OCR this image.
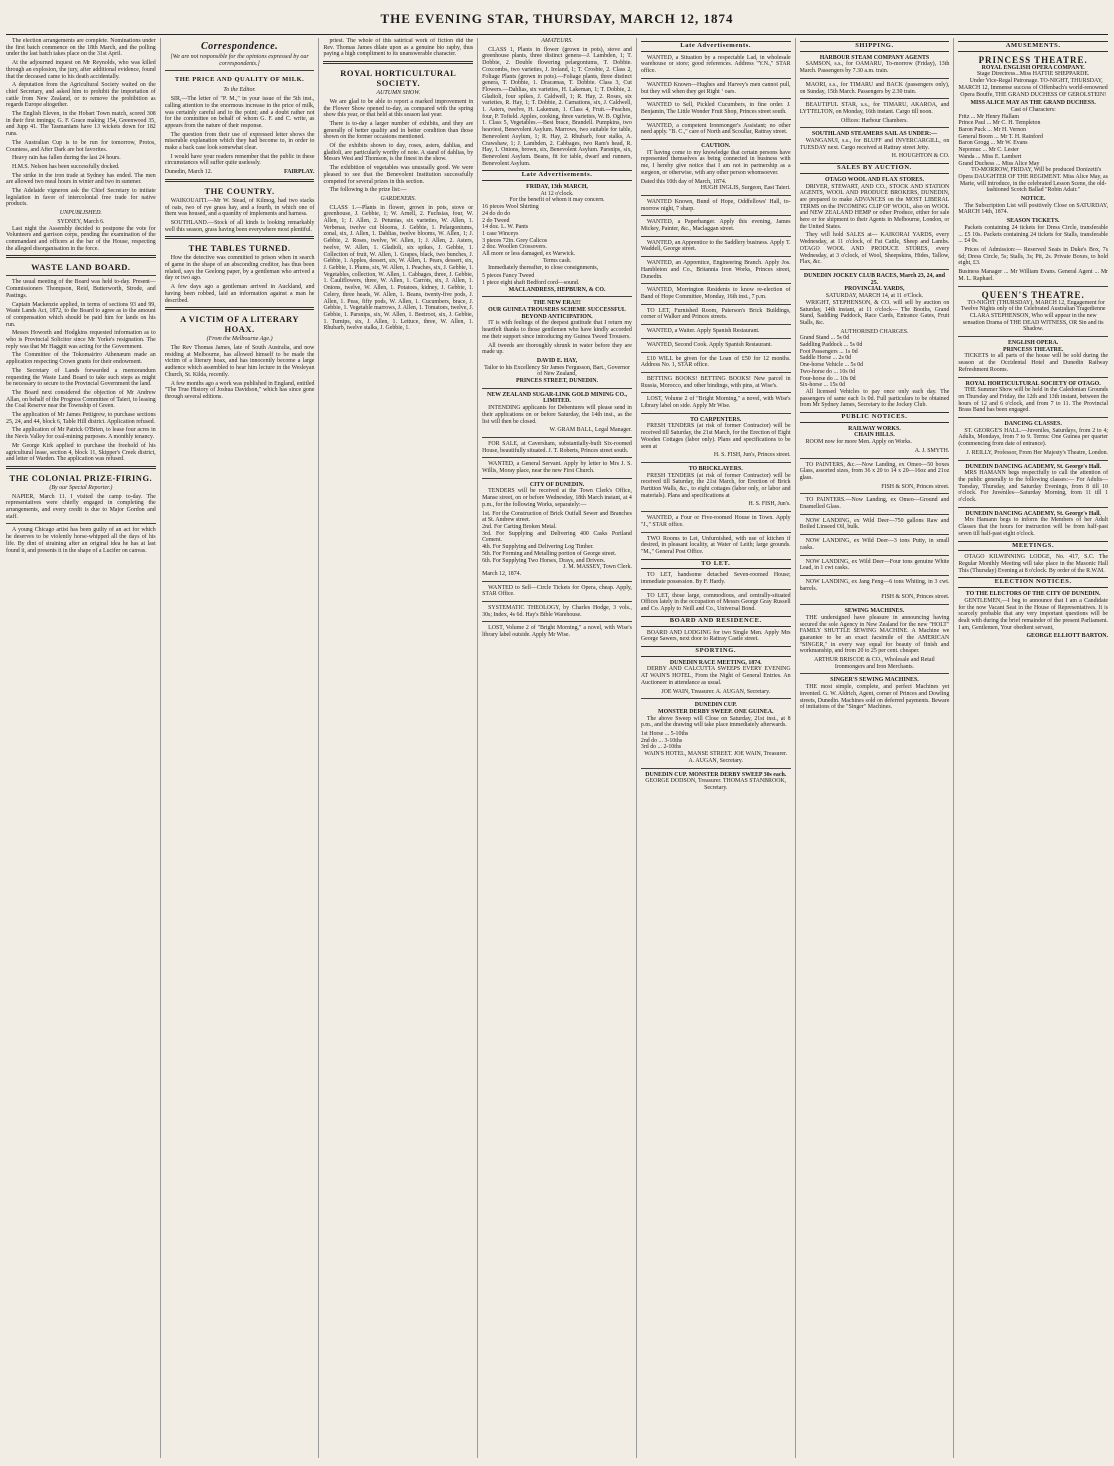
THE EVENING STAR, THURSDAY, MARCH 12, 1874

The election arrangements are complete. Nominations under the first batch commence on the 18th March, and the polling under the last batch takes place on the 31st April.

At the adjourned inquest on Mr Reynolds, who was killed through an explosion, the jury, after additional evidence, found that the deceased came to his death accidentally.

A deputation from the Agricultural Society waited on the chief Secretary, and asked him to prohibit the importation of cattle from New Zealand, or to remove the prohibition as regards Europe altogether.

The English Eleven, in the Hobart Town match, scored 308 in their first innings; G. F. Grace making 154, Greenwood 35, and Jupp 41. The Tasmanians have 13 wickets down for 182 runs.

The Australian Cup is to be run for tomorrow, Protos, Countess, and After Dark are hot favorites.

Heavy rain has fallen during the last 24 hours.

H.M.S. Nelson has been successfully docked.

The strike in the iron trade at Sydney has ended. The men are allowed two meal hours in winter and two in summer.

The Adelaide vigneron ask the Chief Secretary to initiate legislation in favor of intercolonial free trade for native products.

UNPUBLISHED.
SYDNEY, March 6.

Last night the Assembly decided to postpone the vote for Volunteers and garrison corps, pending the examination of the commandant and officers at the bar of the House, respecting the alleged disorganisation in the force.

WASTE LAND BOARD.

The usual meeting of the Board was held to-day. Present—Commissioners Thompson, Reid, Butterworth, Strode, and Pastings.

Captain Mackenzie applied, in terms of sections 93 and 99, Waste Lands Act, 1872, to the Board to agree as to the amount of compensation which should be paid him for lands on his run.

Messrs Howorth and Hodgkins requested information as to who is Provincial Solicitor since Mr Yorke's resignation. The reply was that Mr Haggitt was acting for the Government.

The Committee of the Tokomairiro Athenæum made an application respecting Crown grants for their endowment.

The Secretary of Lands forwarded a memorandum requesting the Waste Land Board to take such steps as might be necessary to secure to the Provincial Government the land.

The Board next considered the objection of Mr Andrew Allan, on behalf of the Progress Committee of Taieri, to leasing the Coal Reserve near the Township of Green.

The application of Mr James Pettigrew, to purchase sections 25, 24, and 44, block 6, Table Hill district. Application refused.

The application of Mr Patrick O'Brien, to lease four acres in the Nevis Valley for coal-mining purposes. A monthly tenancy.

Mr George Kirk applied to purchase the freehold of his agricultural lease, section 4, block 11, Skipper's Creek district, and letter of Warden. The application was refused.

THE COLONIAL PRIZE-FIRING.
(By our Special Reporter.)

NAPIER, March 11. I visited the camp to-day. The representatives were chiefly engaged in completing the arrangements, and every credit is due to Major Gordon and staff.

A young Chicago artist has been guilty of an act for which he deserves to be violently horse-whipped all the days of his life. By dint of straining after an original idea he has at last found it, and presents it in the shape of a Lucifer on canvas.

Correspondence.
[We are not responsible for the opinions expressed by our correspondents.]
THE PRICE AND QUALITY OF MILK.
To the Editor.

SIR,—The letter of "P. M.," in your issue of the 5th inst., calling attention to the enormous increase in the price of milk, was certainly careful and to the point; and a doubt rather not for the committee on behalf of whom G. F. and C. write, as appears from the nature of their response.

The question from their use of expressed letter shows the miserable explanation which they had become to, in order to make a back case look somewhat clear.

I would have your readers remember that the public in these circumstances will suffer quite uselessly.

Dunedin, March 12.	FAIRPLAY.
THE COUNTRY.

WAIKOUAITI.—Mr W. Stead, of Kilmog, had two stacks of oats, two of rye grass hay, and a fourth, in which one of them was housed, and a quantity of implements and harness.

SOUTHLAND.—Stock of all kinds is looking remarkably well this season, grass having been everywhere most plentiful.

THE TABLES TURNED.

How the detective was committed to prison when in search of game in the shape of an absconding creditor, has thus been related, says the Geelong paper, by a gentleman who arrived a day or two ago.

A few days ago a gentleman arrived in Auckland, and having been robbed, laid an information against a man he described.

A VICTIM OF A LITERARY HOAX.
(From the Melbourne Age.)

The Rev Thomas James, late of South Australia, and now residing at Melbourne, has allowed himself to be made the victim of a literary hoax, and has innocently become a large audience which assembled to hear him lecture in the Wesleyan Church, St. Kilda, recently.

A few months ago a work was published in England, entitled "The True History of Joshua Davidson," which has since gone through several editions.

priest. The whole of this satirical work of fiction did the Rev. Thomas James dilate upon as a genuine bio raphy, thus paying a high compliment to its unanswerable character.

ROYAL HORTICULTURAL SOCIETY.
AUTUMN SHOW.

We are glad to be able to report a marked improvement in the Flower Show opened to-day, as compared with the spring show this year, or that held at this season last year.

There is to-day a larger number of exhibits, and they are generally of better quality and in better condition than those shown on the former occasions mentioned.

Of the exhibits shown to day, roses, asters, dahlias, and gladioli, are particularly worthy of note. A stand of dahlias, by Messrs West and Thomson, is the finest in the show.

The exhibition of vegetables was unusually good. We were pleased to see that the Benevolent Institution successfully competed for several prizes in this section.

The following is the prize list:—

GARDENERS.

CLASS 1.—Plants in flower, grown in pots, stove or greenhouse, J. Gebbie, 1; W. Arnell, 2. Fuchsias, four, W. Allen, 1; J. Allen, 2. Petunias, six varieties, W. Allen, 1. Verbenas, twelve cut blooms, J. Gebbie, 1. Pelargoniums, zonal, six, J. Allen, 1. Dahlias, twelve blooms, W. Allen, 1; J. Gebbie, 2. Roses, twelve, W. Allen, 1; J. Allen, 2. Asters, twelve, W. Allen, 1. Gladioli, six spikes, J. Gebbie, 1. Collection of fruit, W. Allen, 1. Grapes, black, two bunches, J. Gebbie, 1. Apples, dessert, six, W. Allen, 1. Pears, dessert, six, J. Gebbie, 1. Plums, six, W. Allen, 1. Peaches, six, J. Gebbie, 1. Vegetables, collection, W. Allen, 1. Cabbages, three, J. Gebbie, 1. Cauliflowers, three, W. Allen, 1. Carrots, six, J. Allen, 1. Onions, twelve, W. Allen, 1. Potatoes, kidney, J. Gebbie, 1. Celery, three heads, W. Allen, 1. Beans, twenty-five pods, J. Allen, 1. Peas, fifty pods, W. Allen, 1. Cucumbers, brace, J. Gebbie, 1. Vegetable marrows, J. Allen, 1. Tomatoes, twelve, J. Gebbie, 1. Parsnips, six, W. Allen, 1. Beetroot, six, J. Gebbie, 1. Turnips, six, J. Allen, 1. Lettuce, three, W. Allen, 1. Rhubarb, twelve stalks, J. Gebbie, 1.

AMATEURS.

CLASS 1, Plants in flower (grown in pots), stove and greenhouse plants, three distinct genera—J. Lambden, 1; T. Dobbie, 2. Double flowering pelargoniums, T. Dobbie. Coxcombs, two varieties, J. Ireland, 1; T. Crosbie, 2. Class 2, Foliage Plants (grown in pots).—Foliage plants, three distinct genera, T. Dobbie, 1. Dracænas, T. Dobbie. Class 3, Cut Flowers.—Dahlias, six varieties, H. Lakeman, 1; T. Dobbie, 2. Gladioli, four spikes, J. Caldwell, 1; R. Hay, 2. Roses, six varieties, R. Hay, 1; T. Dobbie, 2. Carnations, six, J. Caldwell, 1. Asters, twelve, H. Lakeman, 1. Class 4, Fruit.—Peaches, four, P. Tofield. Apples, cooking, three varieties, W. B. Ogilvie, 1. Class 5, Vegetables.—Best brace, Brandell. Pumpkins, two heaviest, Benevolent Asylum. Marrows, two suitable for table, Benevolent Asylum, 1; R. Hay, 2. Rhubarb, four stalks, A. Crawshaw, 1; J. Lambden, 2. Cabbages, two Ram's head, R. Hay, 1. Onions, brown, six, Benevolent Asylum. Parsnips, six, Benevolent Asylum. Beans, fit for table, dwarf and runners, Benevolent Asylum.

Late Advertisements.
FRIDAY, 13th MARCH,
At 12 o'clock.
For the benefit of whom it may concern.
16 pieces Wool Shirting
24 do do do
2 do Tweed
14 doz. L. W. Pants
1 case Winceys
3 pieces 72in. Grey Calicos
2 doz. Woollen Crossovers.
All more or less damaged, ex Warwick.
Terms cash.

Immediately thereafter, to close consignments,

5 pieces Fancy Tweed
1 piece eight shaft Bedford cord—sound.
MACLANDRESS, HEPBURN, & CO.
THE NEW ERA!!!
OUR GUINEA TROUSERS SCHEME SUCCESSFUL BEYOND ANTICIPATION.

IT is with feelings of the deepest gratitude that I return my heartfelt thanks to those gentlemen who have kindly accorded me their support since introducing my Guinea Tweed Trousers.

All tweeds are thoroughly shrunk in water before they are made up.

DAVID E. HAY,
Tailor to his Excellency Sir James Fergusson, Bart., Governor of New Zealand,
PRINCES STREET, DUNEDIN.
NEW ZEALAND SUGAR-LINK GOLD MINING CO., LIMITED.

INTENDING applicants for Debentures will please send in their applications on or before Saturday, the 14th inst., as the list will then be closed.

W. GRAM BALL, Legal Manager.

FOR SALE, at Caversham, substantially-built Six-roomed House, beautifully situated. J. T. Roberts, Princes street south.

WANTED, a General Servant. Apply by letter to Mrs J. S. Willis, Moray place, near the new First Church.

CITY OF DUNEDIN.

TENDERS will be received at the Town Clerk's Office, Manse street, on or before Wednesday, 18th March instant, at 4 p.m., for the following Works, separately:—

1st. For the Construction of Brick Outfall Sewer and Branches at St. Andrew street.
2nd. For Carting Broken Metal.
3rd. For Supplying and Delivering 400 Casks Portland Cement.
4th. For Supplying and Delivering Log Timber.
5th. For Forming and Metalling portion of George street.
6th. For Supplying Two Horses, Drays, and Drivers.
J. M. MASSEY, Town Clerk.
March 12, 1874.

WANTED to Sell—Circle Tickets for Opera, cheap. Apply, STAR Office.

SYSTEMATIC THEOLOGY, by Charles Hodge, 3 vols., 30s; Index, 4s 6d. Hay's Bible Warehouse.

LOST, Volume 2 of "Bright Morning," a novel, with Wise's library label outside. Apply Mr Wise.

Late Advertisements.

WANTED, a Situation by a respectable Lad, in wholesale warehouse or store; good references. Address "Y.N.," STAR office.

WANTED Known—Hughes and Harvey's men cannot pull, but they will when they get Right ‘ oars.

WANTED to Sell, Pickled Cucumbers, in fine order. J. Benjamin, The Little Wonder Fruit Shop, Princes street south.

WANTED, a competent Ironmonger's Assistant; no other need apply. "B. C.," care of North and Scoullar, Rattray street.

CAUTION.

IT having come to my knowledge that certain persons have represented themselves as being connected in business with me, I hereby give notice that I am not in partnership as a surgeon, or otherwise, with any other person whomsoever.

Dated this 10th day of March, 1874.
HUGH INGLIS, Surgeon, East Taieri.

WANTED Known, Bund of Hope, Oddfellows' Hall, to-morrow night, 7 sharp.

WANTED, a Paperhanger. Apply this evening, James Mickey, Painter, &c., Maclaggan street.

WANTED, an Apprentice to the Saddlery business. Apply T. Waddell, George street.

WANTED, an Apprentice, Engineering Branch. Apply Jos. Hambleton and Co., Britannia Iron Works, Princes street, Dunedin.

WANTED, Morrington Residents to know re-election of Band of Hope Committee, Monday, 16th inst., 7 p.m.

TO LET, Furnished Room, Paterson's Brick Buildings, corner of Walker and Princes streets.

WANTED, a Waiter. Apply Spanish Restaurant.

WANTED, Second Cook. Apply Spanish Restaurant.

£10 WILL be given for the Loan of £50 for 12 months. Address No. 1, STAR office.

BETTING BOOKS! BETTING BOOKS! New parcel in Russia, Morocco, and other bindings, with pins, at Wise's.

LOST, Volume 2 of "Bright Morning," a novel, with Wise's Library label on side. Apply Mr Wise.

TO CARPENTERS.

FRESH TENDERS (at risk of former Contractor) will be received till Saturday, the 21st March, for the Erection of Eight Wooden Cottages (labor only). Plans and specifications to be seen at

H. S. FISH, Jun's, Princes street.
TO BRICKLAYERS.

FRESH TENDERS (at risk of former Contractor) will be received till Saturday, the 21st March, for Erection of Brick Partition Walls, &c., to eight cottages (labor only, or labor and materials). Plans and specifications at

H. S. FISH, Jun's.

WANTED, a Four or Five-roomed House in Town. Apply "J.," STAR office.

TWO Rooms to Let, Unfurnished, with use of kitchen if desired, in pleasant locality, at Water of Leith; large grounds. "M.," General Post Office.

TO LET.

TO LET, handsome detached Seven-roomed House; immediate possession. By F. Hardy.

TO LET, those large, commodious, and centrally-situated Offices lately in the occupation of Messrs George Gray Russell and Co. Apply to Neill and Co., Universal Bond.

BOARD AND RESIDENCE.

BOARD AND LODGING for two Single Men. Apply Mrs George Sawers, next door to Rattray Castle street.

SPORTING.
DUNEDIN RACE MEETING, 1874.

DERBY AND CALCUTTA SWEEPS EVERY EVENING AT WAIN'S HOTEL, From the Night of General Entries. An Auctioneer in attendance as usual.

JOE WAIN, Treasurer. A. AUGAN, Secretary.
DUNEDIN CUP.
MONSTER DERBY SWEEP. ONE GUINEA.

The above Sweep will Close on Saturday, 21st inst., at 8 p.m., and the drawing will take place immediately afterwards.

1st Horse ... 5-10ths
2nd do ... 3-10ths
3rd do ... 2-10ths
WAIN'S HOTEL, MANSE STREET. JOE WAIN, Treasurer. A. AUGAN, Secretary.
DUNEDIN CUP. MONSTER DERBY SWEEP 30s each.
GEORGE DODSON, Treasurer. THOMAS STANBROOK, Secretary.
SHIPPING.
HARBOUR STEAM COMPANY AGENTS

SAMSON, s.s., for OAMARU, To-morrow (Friday), 13th March. Passengers by 7.30 a.m. train.

MAORI, s.s., for TIMARU and BACK (passengers only), on Sunday, 15th March. Passengers by 2.30 train.

BEAUTIFUL STAR, s.s., for TIMARU, AKAROA, and LYTTELTON, on Monday, 16th instant. Cargo till noon.

Offices: Harbour Chambers.
SOUTHLAND STEAMERS SAIL AS UNDER:—

WANGANUI, s.s., for BLUFF and INVERCARGILL, on TUESDAY next. Cargo received at Rattray street Jetty.

H. HOUGHTON & CO.
SALES BY AUCTION.
OTAGO WOOL AND FLAX STORES.

DRIVER, STEWART, AND CO., STOCK AND STATION AGENTS, WOOL AND PRODUCE BROKERS, DUNEDIN, are prepared to make ADVANCES on the MOST LIBERAL TERMS on the INCOMING CLIP OF WOOL, also on WOOL and NEW ZEALAND HEMP or other Produce, either for sale here or for shipment to their Agents in Melbourne, London, or the United States.

They will hold SALES at— KAIKORAI YARDS, every Wednesday, at 11 o'clock, of Fat Cattle, Sheep and Lambs. OTAGO WOOL AND PRODUCE STORES, every Wednesday, at 3 o'clock, of Wool, Sheepskins, Hides, Tallow, Flax, &c.

DUNEDIN JOCKEY CLUB RACES, March 23, 24, and 25.
PROVINCIAL YARDS,
SATURDAY, MARCH 14, at 11 o'Clock.

WRIGHT, STEPHENSON, & CO. will sell by auction on Saturday, 14th instant, at 11 o'clock— The Booths, Grand Stand, Saddling Paddock, Race Cards, Entrance Gates, Fruit Stalls, &c.

AUTHORISED CHARGES.
Grand Stand ... 5s 0d
Saddling Paddock ... 5s 0d
Foot Passengers ... 1s 0d
Saddle Horse ... 2s 0d
One-horse Vehicle ... 5s 0d
Two-horse do ... 10s 0d
Four-horse do ... 10s 0d
Six-horse ... 15s 0d

All licensed Vehicles to pay once only each day. The passengers of same each 1s 0d. Full particulars to be obtained from Mr Sydney James, Secretary to the Jockey Club.

PUBLIC NOTICES.
RAILWAY WORKS.
CHAIN HILLS.

ROOM now for more Men. Apply on Works.

A. J. SMYTH.

TO PAINTERS, &c.—Now Landing, ex Omeo—50 boxes Glass, assorted sizes, from 36 x 20 to 14 x 20—16oz and 21oz glass.

FISH & SON, Princes street.

TO PAINTERS.—Now Landing, ex Omeo—Ground and Enamelled Glass.

NOW LANDING, ex Wild Deer—750 gallons Raw and Boiled Linseed Oil, bulk.

NOW LANDING, ex Wild Deer—3 tons Putty, in small casks.

NOW LANDING, ex Wild Deer—Four tons genuine White Lead, in 1 cwt casks.

NOW LANDING, ex Jang Feng—6 tons Whiting, in 3 cwt. barrels.

FISH & SON, Princes street.
SEWING MACHINES.

THE undersigned have pleasure in announcing having secured the sole Agency in New Zealand for the new "HOLT" FAMILY SHUTTLE SEWING MACHINE. A Machine we guarantee to be an exact facsimile of the AMERICAN "SINGER," in every way equal for beauty of finish and workmanship, and from 20 to 25 per cent. cheaper.

ARTHUR BRISCOE & CO., Wholesale and Retail Ironmongers and Iron Merchants.
SINGER'S SEWING MACHINES.

THE most simple, complete, and perfect Machines yet invented. G. W. Aldrich, Agent, corner of Princes and Dowling streets, Dunedin. Machines sold on deferred payments. Beware of imitations of the "Singer" Machines.

AMUSEMENTS.
PRINCESS THEATRE.
ROYAL ENGLISH OPERA COMPANY.
Stage Directress...Miss HATTIE SHEPPARDE.

Under Vice-Regal Patronage. TO-NIGHT, THURSDAY, MARCH 12, Immense success of Offenbach's world-renowned Opera Bouffe, THE GRAND DUCHESS OF GEROLSTEIN!

MISS ALICE MAY AS THE GRAND DUCHESS.
Cast of Characters:
Fritz ... Mr Henry Hallam
Prince Paul ... Mr C. H. Templeton
Baron Puck ... Mr H. Vernon
General Boom ... Mr T. H. Rainford
Baron Grogg ... Mr W. Evans
Nepomuc ... Mr C. Lester
Wanda ... Miss E. Lambert
Grand Duchess ... Miss Alice May

TO-MORROW, FRIDAY, Will be produced Donizetti's Opera DAUGHTER OF THE REGIMENT. Miss Alice May, as Marie, will introduce, in the celebrated Lesson Scene, the old-fashioned Scotch Ballad "Robin Adair."

NOTICE.

The Subscription List will positively Close on SATURDAY, MARCH 14th, 1874.

SEASON TICKETS.

Packets containing 24 tickets for Dress Circle, transferable ... £5 10s. Packets containing 24 tickets for Stalls, transferable ... £4 0s.

Prices of Admission:— Reserved Seats in Duke's Box, 7s 6d; Dress Circle, 5s; Stalls, 3s; Pit, 2s. Private Boxes, to hold eight, £3.

Business Manager ... Mr William Evans. General Agent ... Mr M. L. Raphael.
QUEEN'S THEATRE.

TO-NIGHT (THURSDAY), MARCH 12, Engagement for Twelve Nights only of the Celebrated Australian Tragedienne CLARA STEPHENSON, Who will appear in the new sensation Drama of THE DEAD WITNESS, OR Sin and its Shadow.

ENGLISH OPERA.
PRINCESS THEATRE.

TICKETS to all parts of the house will be sold during the season at the Occidental Hotel and Dunedin Railway Refreshment Rooms.

ROYAL HORTICULTURAL SOCIETY OF OTAGO.

THE Summer Show will be held in the Caledonian Grounds on Thursday and Friday, the 12th and 13th instant, between the hours of 12 and 6 o'clock, and from 7 to 11. The Provincial Brass Band has been engaged.

DANCING CLASSES.

ST. GEORGE'S HALL.—Juveniles, Saturdays, from 2 to 4; Adults, Mondays, from 7 to 9. Terms: One Guinea per quarter (commencing from date of entrance).

J. REILLY, Professor, From Her Majesty's Theatre, London.
DUNEDIN DANCING ACADEMY, St. George's Hall.

MRS HAMANN begs respectfully to call the attention of the public generally to the following classes:— For Adults—Tuesday, Thursday, and Saturday Evenings, from 8 till 10 o'clock. For Juveniles—Saturday Morning, from 11 till 1 o'clock.

DUNEDIN DANCING ACADEMY, St. George's Hall.

Mrs Hamann begs to inform the Members of her Adult Classes that the hours for instruction will be from half-past seven till half-past eight o'clock.

MEETINGS.

OTAGO KILWINNING LODGE, No. 417, S.C. The Regular Monthly Meeting will take place in the Masonic Hall This (Thursday) Evening at 8 o'clock. By order of the R.W.M.

ELECTION NOTICES.
TO THE ELECTORS OF THE CITY OF DUNEDIN.

GENTLEMEN,—I beg to announce that I am a Candidate for the now Vacant Seat in the House of Representatives. It is scarcely probable that any very important questions will be dealt with during the brief remainder of the present Parliament. I am, Gentlemen, Your obedient servant,

GEORGE ELLIOTT BARTON.
